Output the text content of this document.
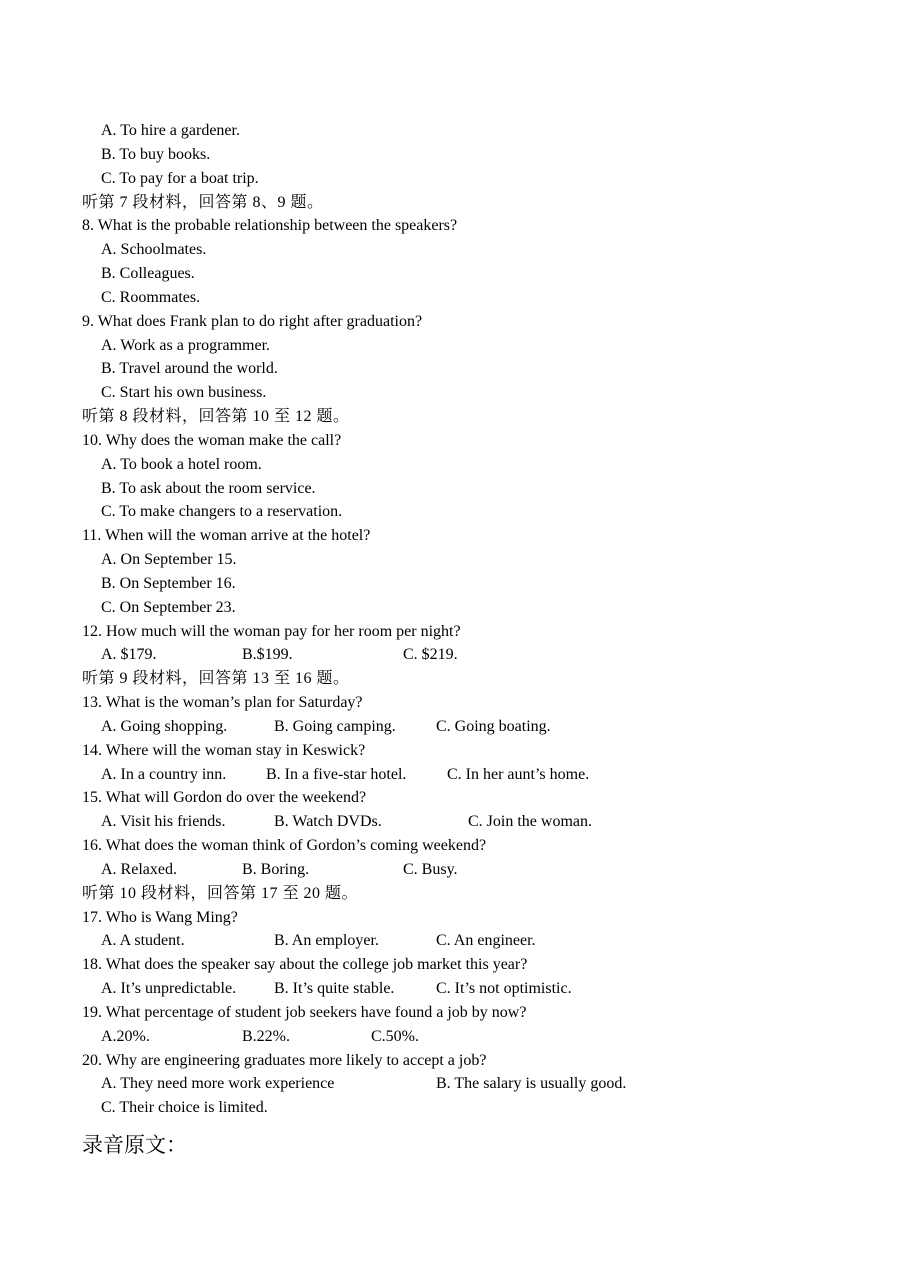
A. To hire a gardener.
B. To buy books.
C. To pay for a boat trip.
听第 7 段材料，回答第 8、9 题。
8. What is the probable relationship between the speakers?
A. Schoolmates.
B. Colleagues.
C. Roommates.
9. What does Frank plan to do right after graduation?
A. Work as a programmer.
B. Travel around the world.
C. Start his own business.
听第 8 段材料，回答第 10 至 12 题。
10. Why does the woman make the call?
A. To book a hotel room.
B. To ask about the room service.
C. To make changers to a reservation.
11. When will the woman arrive at the hotel?
A. On September 15.
B. On September 16.
C. On September 23.
12. How much will the woman pay for her room per night?

A. $179.

	B.$199.

	C. $219.

听第 9 段材料，回答第 13 至 16 题。
13. What is the woman’s plan for Saturday?

A. Going shopping.

	B. Going camping.

	C. Going boating.

14. Where will the woman stay in Keswick?

A. In a country inn.

B. In a five-star hotel.

	C. In her aunt’s home.

15. What will Gordon do over the weekend?

A. Visit his friends.

	B. Watch DVDs.

	C. Join the woman.

16. What does the woman think of Gordon’s coming weekend?

A. Relaxed.

	B. Boring.

	C. Busy.

听第 10 段材料，回答第 17 至 20 题。
17. Who is Wang Ming?

A. A student.

	B. An employer.

	C. An engineer.

18. What does the speaker say about the college job market this year?

A. It’s unpredictable.

B. It’s quite stable.

	C. It’s not optimistic.

19. What percentage of student job seekers have found a job by now?

A.20%.

	B.22%.

	C.50%.

20. Why are engineering graduates more likely to accept a job?

A. They need more work experience

	B. The salary is usually good.

C. Their choice is limited.
录音原文：
